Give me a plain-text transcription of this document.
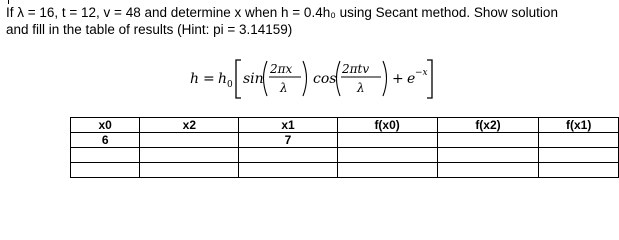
If λ = 16, t = 12, v = 48 and determine x when h = 0.4h₀ using Secant method. Show solution
and fill in the table of results (Hint: pi = 3.14159)
h = h 0 sin
2πx
λ
cos
2πtv
λ
+ e −x
x0	x2	x1	f(x0)	f(x2)	f(x1)
6		7			
